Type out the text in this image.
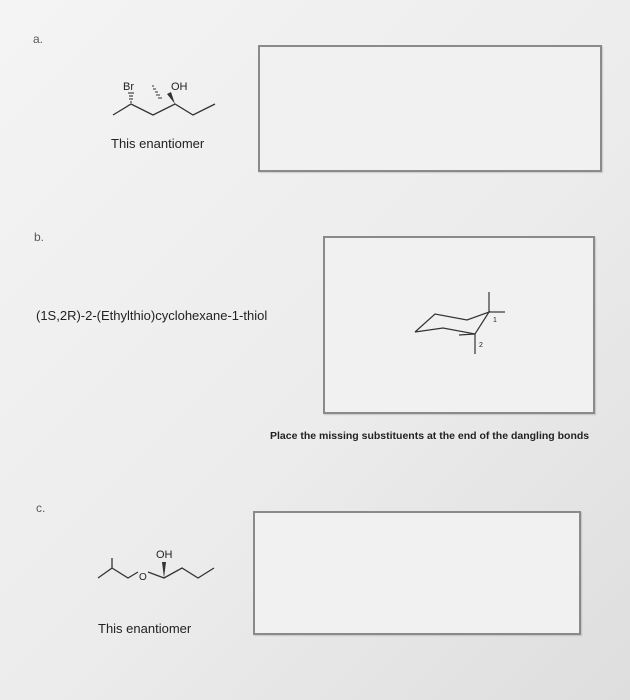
a.
Br	OH
This enantiomer
b.
(1S,2R)-2-(Ethylthio)cyclohexane-1-thiol	1
2
Place the missing substituents at the end of the dangling bonds
c.
O
OH
This enantiomer
